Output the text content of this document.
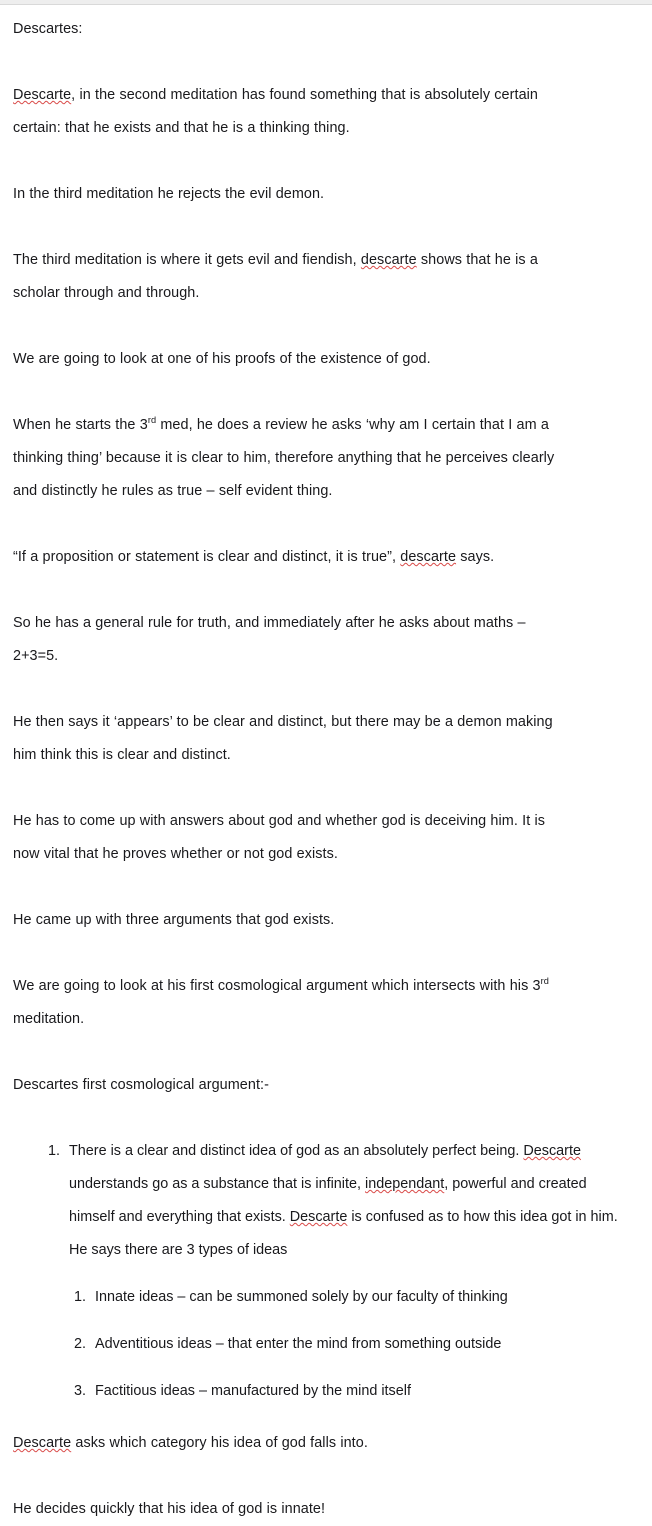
Descartes:

Descarte, in the second meditation has found something that is absolutely certain certain: that he exists and that he is a thinking thing.

In the third meditation he rejects the evil demon.

The third meditation is where it gets evil and fiendish, descarte shows that he is a scholar through and through.

We are going to look at one of his proofs of the existence of god.

When he starts the 3rd med, he does a review he asks ‘why am I certain that I am a thinking thing’ because it is clear to him, therefore anything that he perceives clearly and distinctly he rules as true – self evident thing.

“If a proposition or statement is clear and distinct, it is true”, descarte says.

So he has a general rule for truth, and immediately after he asks about maths – 2+3=5.

He then says it ‘appears’ to be clear and distinct, but there may be a demon making him think this is clear and distinct.

He has to come up with answers about god and whether god is deceiving him. It is now vital that he proves whether or not god exists.

He came up with three arguments that god exists.

We are going to look at his first cosmological argument which intersects with his 3rd meditation.

Descartes first cosmological argument:-

1. There is a clear and distinct idea of god as an absolutely perfect being. Descarte understands go as a substance that is infinite, independant, powerful and created himself and everything that exists. Descarte is confused as to how this idea got in him. He says there are 3 types of ideas
1. Innate ideas – can be summoned solely by our faculty of thinking
2. Adventitious ideas – that enter the mind from something outside
3. Factitious ideas – manufactured by the mind itself

Descarte asks which category his idea of god falls into.

He decides quickly that his idea of god is innate!
